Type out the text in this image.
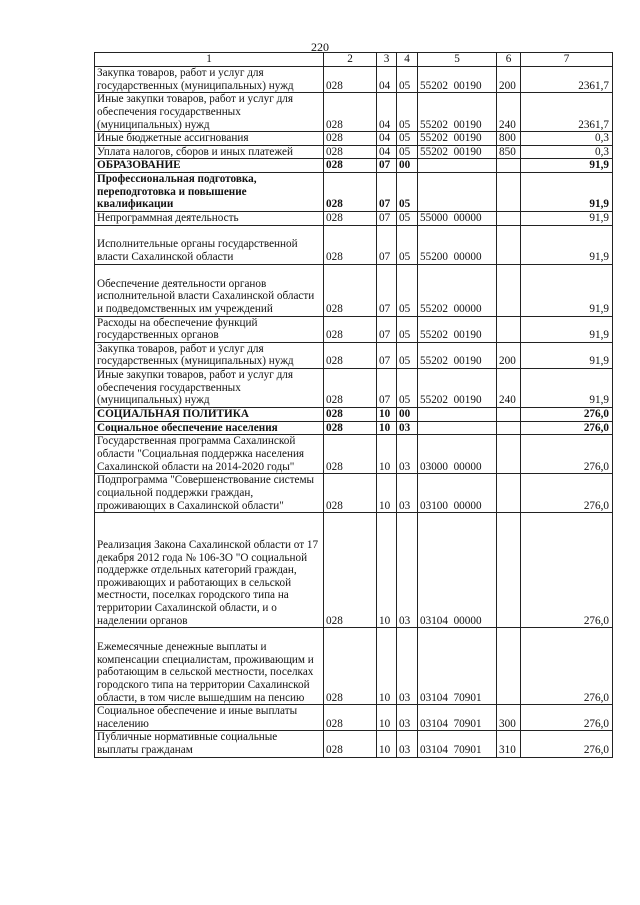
220
1	2	3	4	5	6	7
Закупка товаров, работ и услуг для государственных (муниципальных) нужд	028	04	05	55202  00190	200	2361,7
Иные закупки товаров, работ и услуг для обеспечения государственных (муниципальных) нужд	028	04	05	55202  00190	240	2361,7
Иные бюджетные ассигнования	028	04	05	55202  00190	800	0,3
Уплата налогов, сборов и иных платежей	028	04	05	55202  00190	850	0,3
ОБРАЗОВАНИЕ	028	07	00			91,9
Профессиональная подготовка, переподготовка и повышение квалификации	028	07	05			91,9
Непрограммная деятельность	028	07	05	55000  00000		91,9
Исполнительные органы государственной власти Сахалинской области	028	07	05	55200  00000		91,9
Обеспечение деятельности органов исполнительной власти Сахалинской области и подведомственных им учреждений	028	07	05	55202  00000		91,9
Расходы на обеспечение функций государственных органов	028	07	05	55202  00190		91,9
Закупка товаров, работ и услуг для государственных (муниципальных) нужд	028	07	05	55202  00190	200	91,9
Иные закупки товаров, работ и услуг для обеспечения государственных (муниципальных) нужд	028	07	05	55202  00190	240	91,9
СОЦИАЛЬНАЯ ПОЛИТИКА	028	10	00			276,0
Социальное обеспечение населения	028	10	03			276,0
Государственная программа Сахалинской области "Социальная поддержка населения Сахалинской области на 2014-2020 годы"	028	10	03	03000  00000		276,0
Подпрограмма "Совершенствование системы социальной поддержки граждан, проживающих в Сахалинской области"	028	10	03	03100  00000		276,0
Реализация Закона Сахалинской области от 17 декабря 2012 года № 106-ЗО "О социальной поддержке отдельных категорий граждан, проживающих и работающих в сельской местности, поселках городского типа на территории Сахалинской области, и о наделении органов	028	10	03	03104  00000		276,0
Ежемесячные денежные выплаты и компенсации специалистам, проживающим и работающим в сельской местности, поселках городского типа на территории Сахалинской области, в том числе вышедшим на пенсию	028	10	03	03104  70901		276,0
Социальное обеспечение и иные выплаты населению	028	10	03	03104  70901	300	276,0
Публичные нормативные социальные выплаты гражданам	028	10	03	03104  70901	310	276,0
